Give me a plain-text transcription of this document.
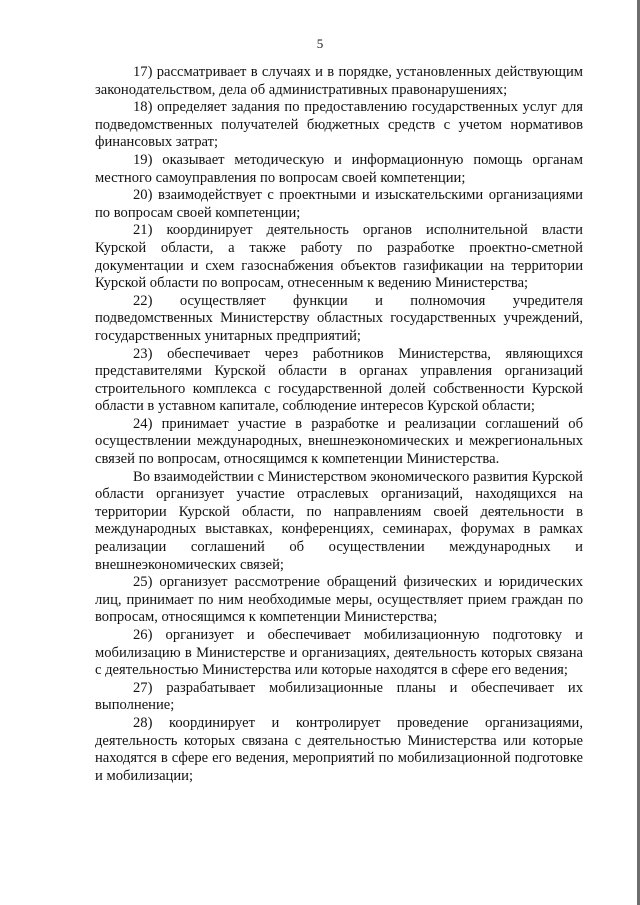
5

17) рассматривает в случаях и в порядке, установленных действующим законодательством, дела об административных правонарушениях;

18) определяет задания по предоставлению государственных услуг для подведомственных получателей бюджетных средств с учетом нормативов финансовых затрат;

19) оказывает методическую и информационную помощь органам местного самоуправления по вопросам своей компетенции;

20) взаимодействует с проектными и изыскательскими организациями по вопросам своей компетенции;

21) координирует деятельность органов исполнительной власти Курской области, а также работу по разработке проектно-сметной документации и схем газоснабжения объектов газификации на территории Курской области по вопросам, отнесенным к ведению Министерства;

22) осуществляет функции и полномочия учредителя подведомственных Министерству областных государственных учреждений, государственных унитарных предприятий;

23) обеспечивает через работников Министерства, являющихся представителями Курской области в органах управления организаций строительного комплекса с государственной долей собственности Курской области в уставном капитале, соблюдение интересов Курской области;

24) принимает участие в разработке и реализации соглашений об осуществлении международных, внешнеэкономических и межрегиональных связей по вопросам, относящимся к компетенции Министерства.

Во взаимодействии с Министерством экономического развития Курской области организует участие отраслевых организаций, находящихся на территории Курской области, по направлениям своей деятельности в международных выставках, конференциях, семинарах, форумах в рамках реализации соглашений об осуществлении международных и внешнеэкономических связей;

25) организует рассмотрение обращений физических и юридических лиц, принимает по ним необходимые меры, осуществляет прием граждан по вопросам, относящимся к компетенции Министерства;

26) организует и обеспечивает мобилизационную подготовку и мобилизацию в Министерстве и организациях, деятельность которых связана с деятельностью Министерства или которые находятся в сфере его ведения;

27) разрабатывает мобилизационные планы и обеспечивает их выполнение;

28) координирует и контролирует проведение организациями, деятельность которых связана с деятельностью Министерства или которые находятся в сфере его ведения, мероприятий по мобилизационной подготовке и мобилизации;
